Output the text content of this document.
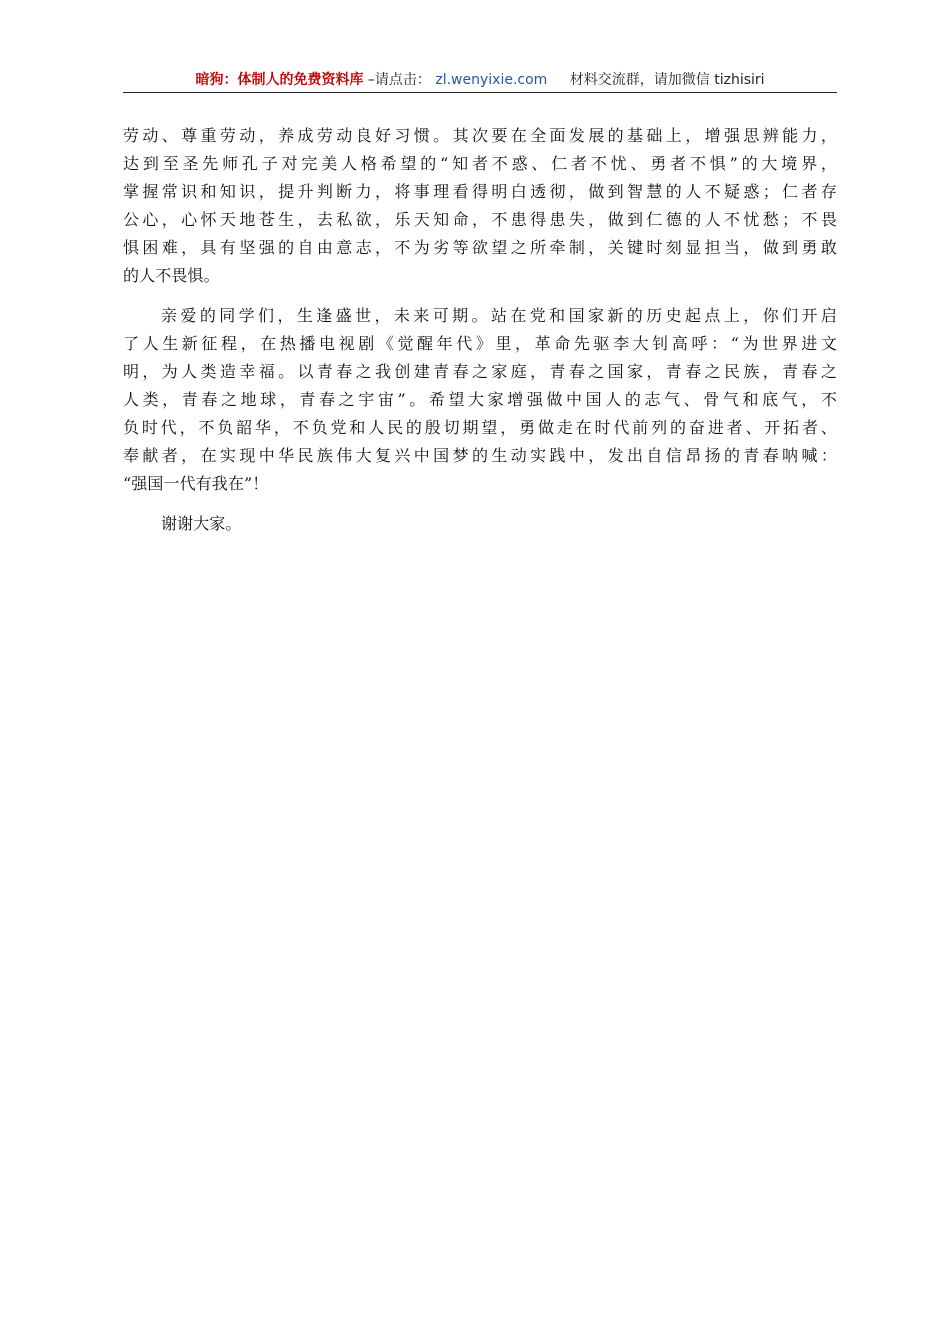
暗狗：体制人的免费资料库 –请点击： zl.wenyixie.com 材料交流群，请加微信 tizhisiri

劳动、尊重劳动，养成劳动良好习惯。其次要在全面发展的基础上，增强思辨能力，
达到至圣先师孔子对完美人格希望的“知者不惑、仁者不忧、勇者不惧”的大境界，
掌握常识和知识，提升判断力，将事理看得明白透彻，做到智慧的人不疑惑；仁者存
公心，心怀天地苍生，去私欲，乐天知命，不患得患失，做到仁德的人不忧愁；不畏
惧困难，具有坚强的自由意志，不为劣等欲望之所牵制，关键时刻显担当，做到勇敢
的人不畏惧。

亲爱的同学们，生逢盛世，未来可期。站在党和国家新的历史起点上，你们开启
了人生新征程，在热播电视剧《觉醒年代》里，革命先驱李大钊高呼：“为世界进文
明，为人类造幸福。以青春之我创建青春之家庭，青春之国家，青春之民族，青春之
人类，青春之地球，青春之宇宙”。希望大家增强做中国人的志气、骨气和底气，不
负时代，不负韶华，不负党和人民的殷切期望，勇做走在时代前列的奋进者、开拓者、
奉献者，在实现中华民族伟大复兴中国梦的生动实践中，发出自信昂扬的青春呐喊：
“强国一代有我在”！

谢谢大家。
